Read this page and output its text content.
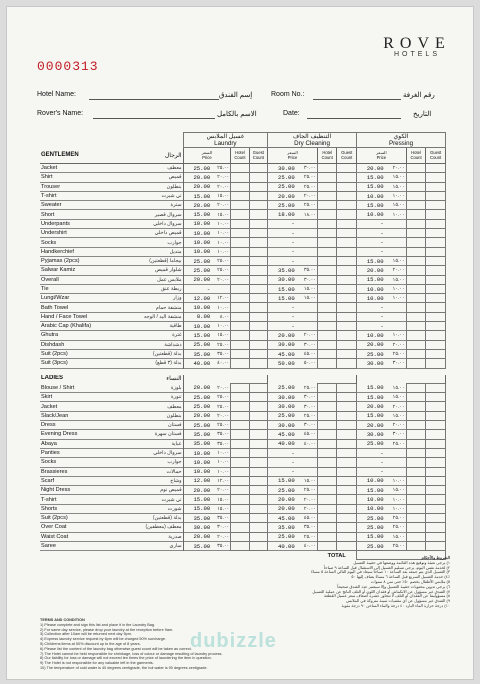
ROVE
HOTELS
0000313
Hotel Name:	إسم الفندق	Room No.:	رقم الغرفة
Rover's Name:	الاسم بالكامل	Date:	التاريخ
		غسيل الملابس
Laundry				التنظيف الجاف
Dry Cleaning				الكوي
Pressing			
GENTLEMEN الرجال		السعر
Price		Hotel Count	Guest Count	السعر
Price		Hotel Count	Guest Count	السعر
Price		Hotel Count	Guest Count
Jacket	معطف	25.00	٢٥.٠٠			30.00	٣٠.٠٠			20.00	٢٠.٠٠		
Shirt	قميص	20.00	٢٠.٠٠			25.00	٢٥.٠٠			15.00	١٥.٠٠		
Trouser	بنطلون	20.00	٢٠.٠٠			25.00	٢٥.٠٠			15.00	١٥.٠٠		
T-shirt	تي شيرت	15.00	١٥.٠٠			20.00	٢٠.٠٠			10.00	١٠.٠٠		
Sweater	سترة	20.00	٢٠.٠٠			25.00	٢٥.٠٠			15.00	١٥.٠٠		
Short	سروال قصير	15.00	١٥.٠٠			18.00	١٨.٠٠			10.00	١٠.٠٠		
Underpants	سروال داخلي	10.00	١٠.٠٠			-				-			
Undershirt	قميص داخلي	10.00	١٠.٠٠			-				-			
Socks	جوارب	10.00	١٠.٠٠			-				-			
Handkerchief	منديل	10.00	١٠.٠٠			-				-			
Pyjamas (2pcs)	بيجاما (قطعتين)	25.00	٢٥.٠٠			-				15.00	١٥.٠٠		
Salwar Kamiz	شلوار قميص	25.00	٢٥.٠٠			35.00	٣٥.٠٠			20.00	٢٠.٠٠		
Overall	ملابس عمل	20.00	٢٠.٠٠			30.00	٣٠.٠٠			15.00	١٥.٠٠		
Tie	ربطة عنق	-				15.00	١٥.٠٠			10.00	١٠.٠٠		
Lungi/Wzar	وزار	12.00	١٢.٠٠			15.00	١٥.٠٠			10.00	١٠.٠٠		
Bath Towel	منشفة حمام	10.00	١٠.٠٠			-				-			
Hand / Face Towel	منشفة اليد / الوجه	8.00	٨.٠٠			-				-			
Arabic Cap (Khalifa)	طاقية	10.00	١٠.٠٠			-				-			
Ghutra	غترة	15.00	١٥.٠٠			20.00	٢٠.٠٠			10.00	١٠.٠٠		
Dishdash	دشداشة	25.00	٢٥.٠٠			30.00	٣٠.٠٠			20.00	٢٠.٠٠		
Suit (2pcs)	بدلة (قطعتين)	35.00	٣٥.٠٠			45.00	٤٥.٠٠			25.00	٢٥.٠٠		
Suit (3pcs)	بدلة (٣ قطع)	40.00	٤٠.٠٠			50.00	٥٠.٠٠			30.00	٣٠.٠٠		

LADIES النساء													

Blouse / Shirt	بلوزة	20.00	٢٠.٠٠			25.00	٢٥.٠٠			15.00	١٥.٠٠		
Skirt	تنورة	25.00	٢٥.٠٠			30.00	٣٠.٠٠			15.00	١٥.٠٠		
Jacket	معطف	25.00	٢٥.٠٠			30.00	٣٠.٠٠			20.00	٢٠.٠٠		
Slack/Jean	بنطلون	20.00	٢٠.٠٠			25.00	٢٥.٠٠			15.00	١٥.٠٠		
Dress	فستان	25.00	٢٥.٠٠			30.00	٣٠.٠٠			20.00	٢٠.٠٠		
Evening Dress	فستان سهرة	35.00	٣٥.٠٠			45.00	٤٥.٠٠			30.00	٣٠.٠٠		
Abaya	عباية	35.00	٣٥.٠٠			40.00	٤٠.٠٠			25.00	٢٥.٠٠		
Panties	سروال داخلي	10.00	١٠.٠٠			-				-			
Socks	جوارب	10.00	١٠.٠٠			-				-			
Brassieres	حمالات	10.00	١٠.٠٠			-				-			
Scarf	وشاح	12.00	١٢.٠٠			15.00	١٥.٠٠			10.00	١٠.٠٠		
Night Dress	قميص نوم	20.00	٢٠.٠٠			25.00	٢٥.٠٠			15.00	١٥.٠٠		
T-shirt	تي شيرت	15.00	١٥.٠٠			20.00	٢٠.٠٠			10.00	١٠.٠٠		
Shorts	شورت	15.00	١٥.٠٠			20.00	٢٠.٠٠			10.00	١٠.٠٠		
Suit (2pcs)	بدلة (قطعتين)	35.00	٣٥.٠٠			45.00	٤٥.٠٠			25.00	٢٥.٠٠		
Over Coat	معطف (معطفين)	30.00	٣٠.٠٠			35.00	٣٥.٠٠			25.00	٢٥.٠٠		
Waist Coat	صدرية	20.00	٢٠.٠٠			25.00	٢٥.٠٠			15.00	١٥.٠٠		
Saree	ساري	35.00	٣٥.٠٠			40.00	٤٠.٠٠			25.00	٢٥.٠٠		
								TOTAL						الشروط والأحكام
١) يرجى تعبئة وتوقيع هذه القائمة ووضعها في حقيبة الغسيل
٢) لخدمة نفس اليوم، يرجى تسليم الغسيل إلى الاستقبال قبل الساعة ٩ صباحاً
٣) الغسيل الذي يتم جمعه بعد الساعة ١٠ صباحاً سيعاد في اليوم التالي الساعة ٥ مساءً
٤) خدمة الغسيل السريع قبل الساعة ٦ مساءً يضاف إليها ٥٠٪
٥) ملابس الأطفال بخصم ٥٠٪ حتى سن ٨ سنوات
٦) يرجى تدوين محتويات حقيبة الغسيل وإلا سيعتبر عدد الفندق صحيحاً
٧) الفندق غير مسؤول عن الانكماش أو فقدان اللون أو التلف الناتج عن عملية الغسيل
٨) مسؤوليتنا عن الفقدان أو التلف لا تتجاوز عشرة أضعاف سعر غسيل القطعة
٩) الفندق غير مسؤول عن أي مقتنيات ثمينة متروكة في الملابس
١٠) درجة حرارة الماء البارد ٤٠ درجة والماء الساخن ٩٠ درجة مئوية
TERMS AND CONDITION
1) Please complete and sign this list and place it in the Laundry Bag.
2) For same day service, please drop your laundry at the reception before 9am.
3) Collection after 10am will be returned next day 5pm.
4) Express laundry service request by 6pm will be charged 50% surcharge.
5) Childrens items at 50% discount up to the age of 8 years.
6) Please list the content of the laundry bag otherwise guest count will be taken as correct.
7) The Hotel cannot be held responsible for shrinkage, loss of colour or damage resulting of laundry process.
8) Our liability for loss or damage will not exceed ten times the price of laundering the item in question.
9) The Hotel is not responsible for any valuable left in the garments.
10) The temperature of cold water is 40 degrees centigrade, the hot water is 90 degrees centigrade.
dubizzle
